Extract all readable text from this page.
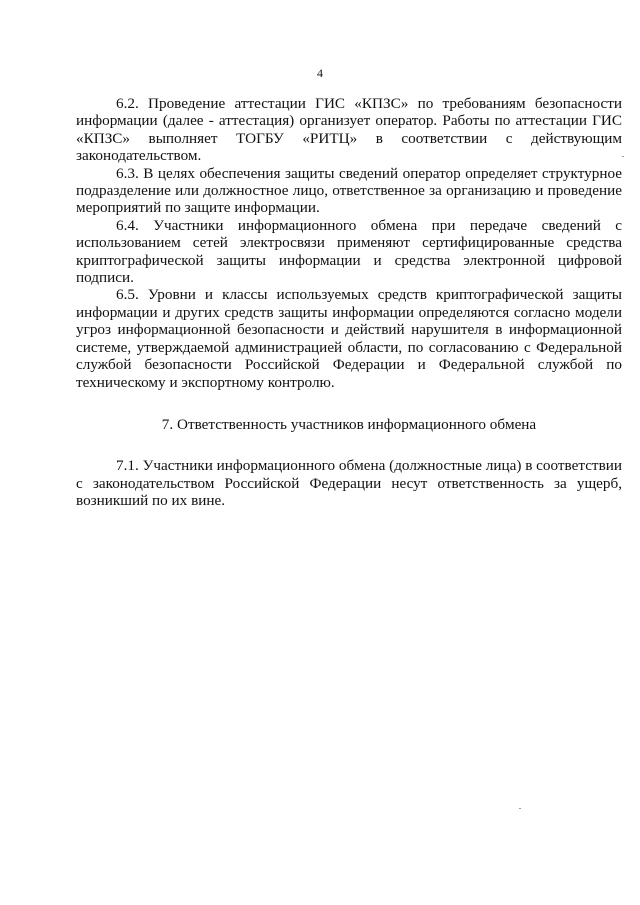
4

6.2. Проведение аттестации ГИС «КПЗС» по требованиям безопасности информации (далее - аттестация) организует оператор. Работы по аттестации ГИС «КПЗС» выполняет ТОГБУ «РИТЦ» в соответствии с действующим законодательством.

6.3. В целях обеспечения защиты сведений оператор определяет структурное подразделение или должностное лицо, ответственное за организацию и проведение мероприятий по защите информации.

6.4. Участники информационного обмена при передаче сведений с использованием сетей электросвязи применяют сертифицированные средства криптографической защиты информации и средства электронной цифровой подписи.

6.5. Уровни и классы используемых средств криптографической защиты информации и других средств защиты информации определяются согласно модели угроз информационной безопасности и действий нарушителя в информационной системе, утверждаемой администрацией области, по согласованию с Федеральной службой безопасности Российской Федерации и Федеральной службой по техническому и экспортному контролю.

7. Ответственность участников информационного обмена

7.1. Участники информационного обмена (должностные лица) в соответствии с законодательством Российской Федерации несут ответственность за ущерб, возникший по их вине.
